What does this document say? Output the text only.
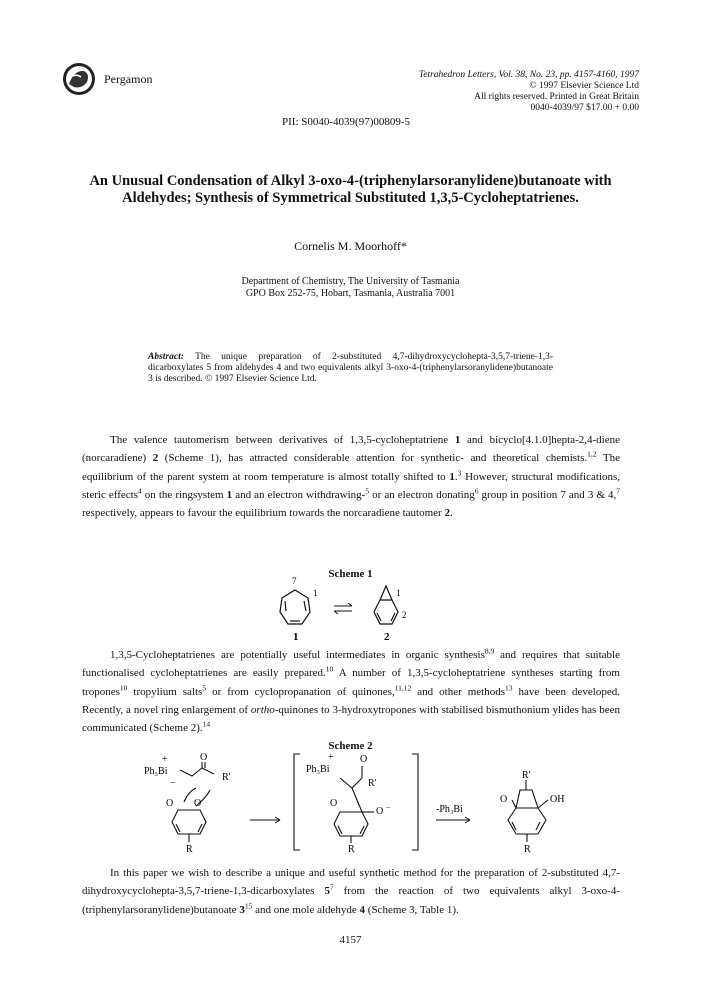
Pergamon	Tetrahedron Letters, Vol. 38, No. 23, pp. 4157-4160, 1997
© 1997 Elsevier Science Ltd
All rights reserved. Printed in Great Britain
0040-4039/97 $17.00 + 0.00
PII: S0040-4039(97)00809-5
An Unusual Condensation of Alkyl 3-oxo-4-(triphenylarsoranylidene)butanoate with
Aldehydes; Synthesis of Symmetrical Substituted 1,3,5-Cycloheptatrienes.
Cornelis M. Moorhoff*
Department of Chemistry, The University of Tasmania
GPO Box 252-75, Hobart, Tasmania, Australia 7001
Abstract: The unique preparation of 2-substituted 4,7-dihydroxycyclohepta-3,5,7-triene-1,3-dicarboxylates 5 from aldehydes 4 and two equivalents alkyl 3-oxo-4-(triphenylarsoranylidene)butanoate 3 is described. © 1997 Elsevier Science Ltd.

The valence tautomerism between derivatives of 1,3,5-cycloheptatriene 1 and bicyclo[4.1.0]hepta-2,4-diene (norcaradiene) 2 (Scheme 1), has attracted considerable attention for synthetic- and theoretical chemists.$^{1,2}$ The equilibrium of the parent system at room temperature is almost totally shifted to 1.$^3$ However, structural modifications, steric effects$^4$ on the ringsystem 1 and an electron withdrawing-$^5$ or an electron donating$^6$ group in position 7 and 3 & 4,$^7$ respectively, appears to favour the equilibrium towards the norcaradiene tautomer 2.

Scheme 1
7
1	1
2
1	2

1,3,5-Cycloheptatrienes are potentially useful intermediates in organic synthesis$^{8,9}$ and requires that suitable functionalised cycloheptatrienes are easily prepared.$^{10}$ A number of 1,3,5-cycloheptatriene syntheses starting from tropones$^{10}$ tropylium salts$^5$ or from cyclopropanation of quinones,$^{11,12}$ and other methods$^{13}$ have been developed. Recently, a novel ring enlargement of ortho-quinones to 3-hydroxytropones with stabilised bismuthonium ylides has been communicated (Scheme 2).$^{14}$

Scheme 2
+	O
Ph₃Bi
R'
−
O O
R
+
Ph₃Bi
O
R'
O
O −
R
-Ph₃Bi
R'
O	OH
R

In this paper we wish to describe a unique and useful synthetic method for the preparation of 2-substituted 4,7-dihydroxycyclohepta-3,5,7-triene-1,3-dicarboxylates $5^7$ from the reaction of two equivalents alkyl 3-oxo-4-(triphenylarsoranylidene)butanoate $3^{15}$ and one mole aldehyde 4 (Scheme 3, Table 1).

4157
